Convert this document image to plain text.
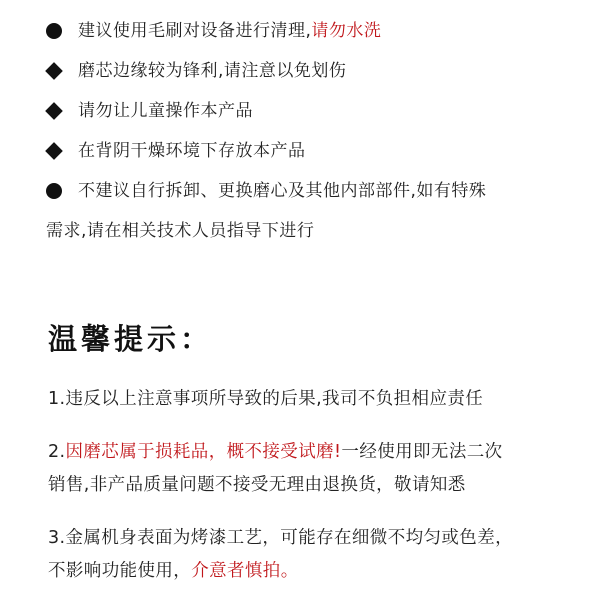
建议使用毛刷对设备进行清理,请勿水洗
磨芯边缘较为锋利,请注意以免划伤
请勿让儿童操作本产品
在背阴干燥环境下存放本产品
不建议自行拆卸、更换磨心及其他内部部件,如有特殊
需求,请在相关技术人员指导下进行
温馨提示：
1.违反以上注意事项所导致的后果,我司不负担相应责任
2.因磨芯属于损耗品，概不接受试磨!一经使用即无法二次
销售,非产品质量问题不接受无理由退换货，敬请知悉
3.金属机身表面为烤漆工艺，可能存在细微不均匀或色差，
不影响功能使用，介意者慎拍。
